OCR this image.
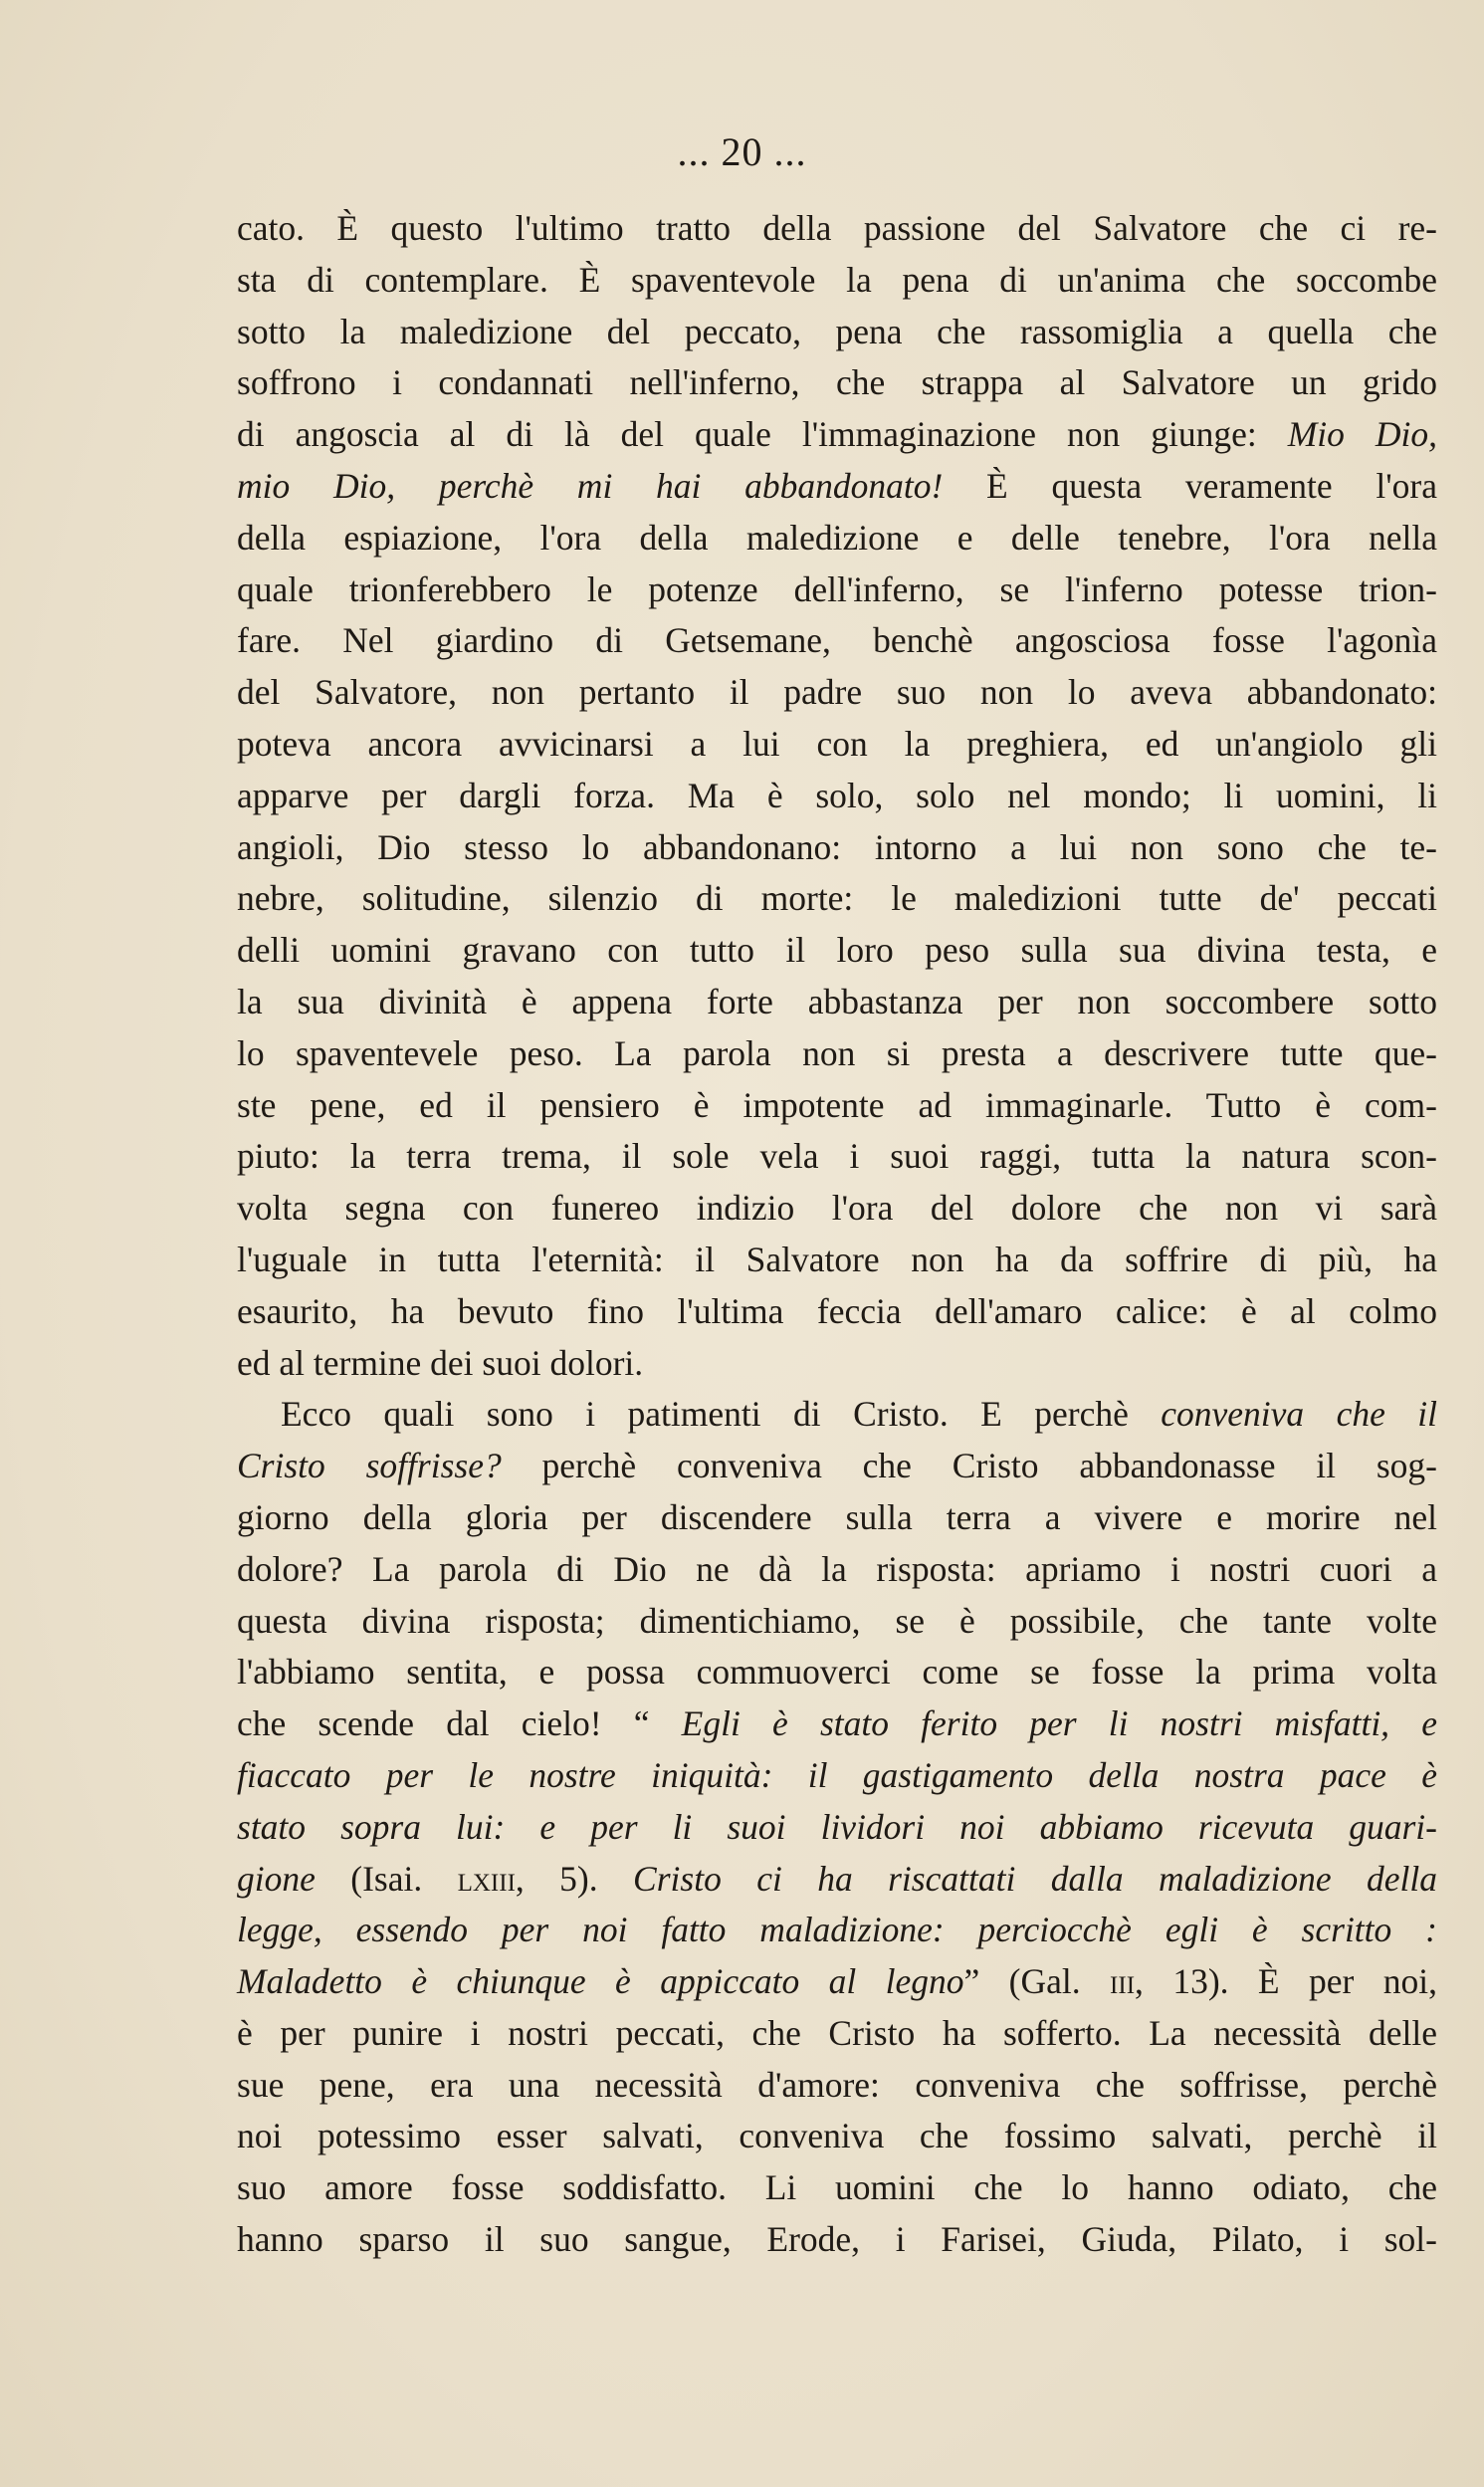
... 20 ...
cato. È questo l'ultimo tratto della passione del Salvatore che ci re-
sta di contemplare. È spaventevole la pena di un'anima che soccombe
sotto la maledizione del peccato, pena che rassomiglia a quella che
soffrono i condannati nell'inferno, che strappa al Salvatore un grido
di angoscia al di là del quale l'immaginazione non giunge: Mio Dio,
mio Dio, perchè mi hai abbandonato! È questa veramente l'ora
della espiazione, l'ora della maledizione e delle tenebre, l'ora nella
quale trionferebbero le potenze dell'inferno, se l'inferno potesse trion-
fare. Nel giardino di Getsemane, benchè angosciosa fosse l'agonìa
del Salvatore, non pertanto il padre suo non lo aveva abbandonato:
poteva ancora avvicinarsi a lui con la preghiera, ed un'angiolo gli
apparve per dargli forza. Ma è solo, solo nel mondo; li uomini, li
angioli, Dio stesso lo abbandonano: intorno a lui non sono che te-
nebre, solitudine, silenzio di morte: le maledizioni tutte de' peccati
delli uomini gravano con tutto il loro peso sulla sua divina testa, e
la sua divinità è appena forte abbastanza per non soccombere sotto
lo spaventevele peso. La parola non si presta a descrivere tutte que-
ste pene, ed il pensiero è impotente ad immaginarle. Tutto è com-
piuto: la terra trema, il sole vela i suoi raggi, tutta la natura scon-
volta segna con funereo indizio l'ora del dolore che non vi sarà
l'uguale in tutta l'eternità: il Salvatore non ha da soffrire di più, ha
esaurito, ha bevuto fino l'ultima feccia dell'amaro calice: è al colmo
ed al termine dei suoi dolori.
Ecco quali sono i patimenti di Cristo. E perchè conveniva che il
Cristo soffrisse? perchè conveniva che Cristo abbandonasse il sog-
giorno della gloria per discendere sulla terra a vivere e morire nel
dolore? La parola di Dio ne dà la risposta: apriamo i nostri cuori a
questa divina risposta; dimentichiamo, se è possibile, che tante volte
l'abbiamo sentita, e possa commuoverci come se fosse la prima volta
che scende dal cielo! “ Egli è stato ferito per li nostri misfatti, e
fiaccato per le nostre iniquità: il gastigamento della nostra pace è
stato sopra lui: e per li suoi lividori noi abbiamo ricevuta guari-
gione (Isai. lxiii, 5). Cristo ci ha riscattati dalla maladizione della
legge, essendo per noi fatto maladizione: perciocchè egli è scritto :
Maladetto è chiunque è appiccato al legno” (Gal. iii, 13). È per noi,
è per punire i nostri peccati, che Cristo ha sofferto. La necessità delle
sue pene, era una necessità d'amore: conveniva che soffrisse, perchè
noi potessimo esser salvati, conveniva che fossimo salvati, perchè il
suo amore fosse soddisfatto. Li uomini che lo hanno odiato, che
hanno sparso il suo sangue, Erode, i Farisei, Giuda, Pilato, i sol-
